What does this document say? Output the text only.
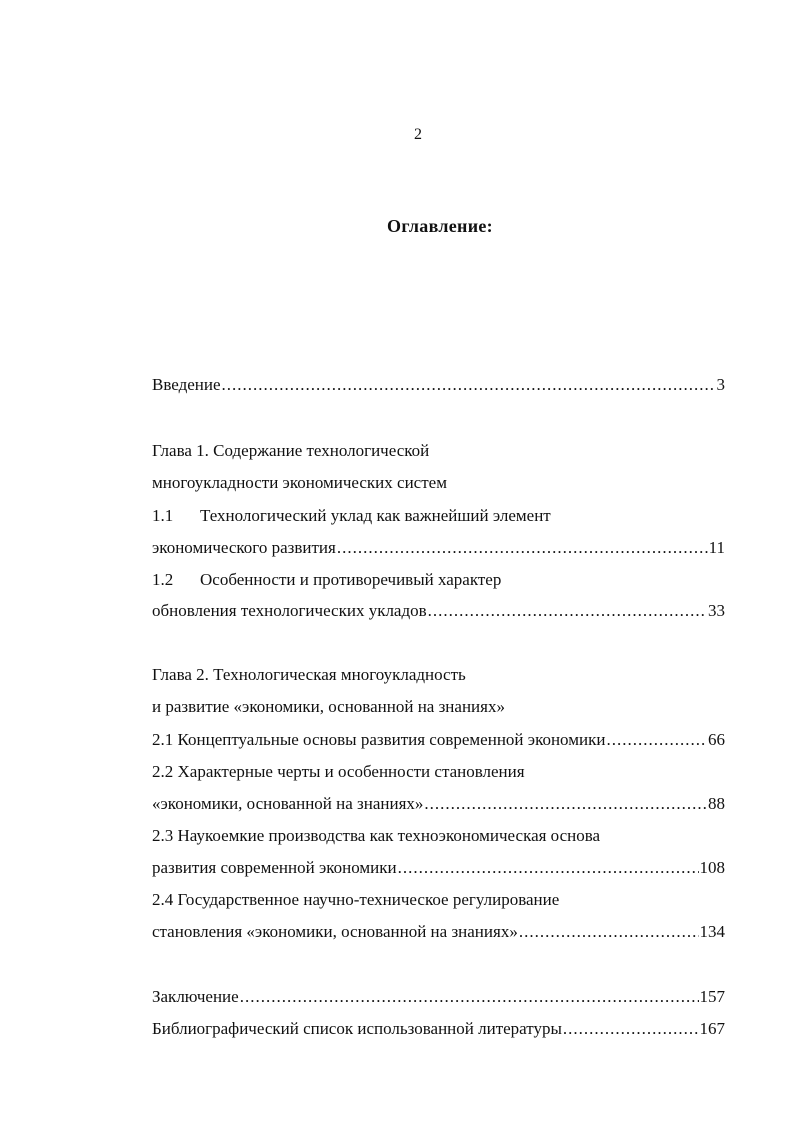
2
Оглавление:
Введение .....	3
Глава 1. Содержание технологической
многоукладности экономических систем
1.1 Технологический уклад как важнейший элемент
экономического развития .....	11
1.2 Особенности и противоречивый характер
обновления технологических укладов .....	33
Глава 2. Технологическая многоукладность
и развитие «экономики, основанной на знаниях»
2.1 Концептуальные основы развития современной экономики .....	66
2.2 Характерные черты и особенности становления
«экономики, основанной на знаниях» .....	88
2.3 Наукоемкие производства как техноэкономическая основа
развития современной экономики .....	108
2.4 Государственное научно-техническое регулирование
становления «экономики, основанной на знаниях» .....	134
Заключение .....	157
Библиографический список использованной литературы .....	167
